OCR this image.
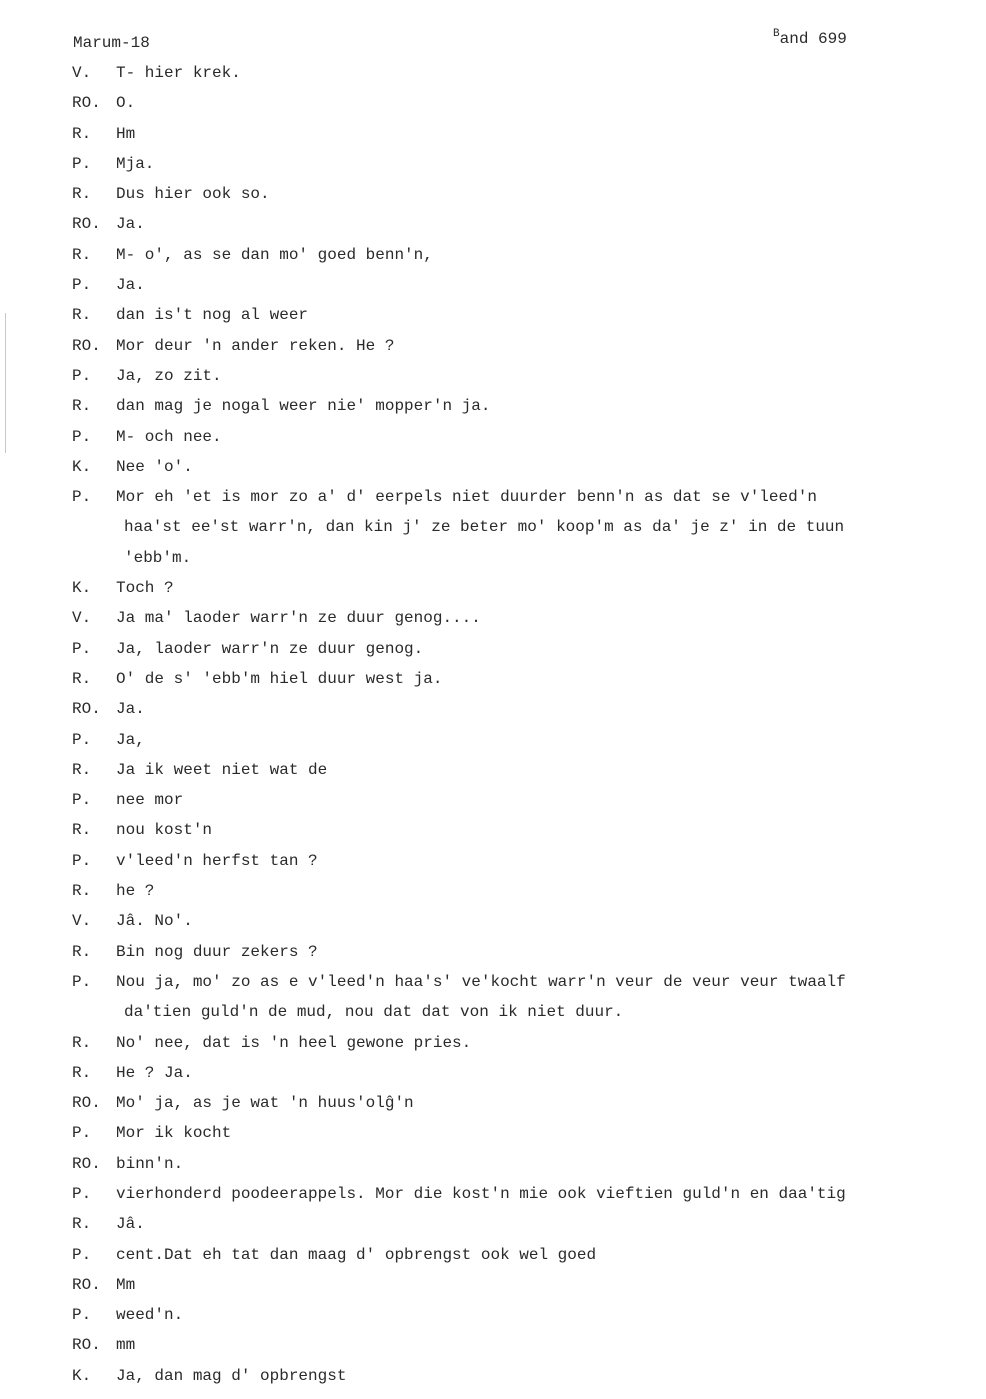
Marum-18	$^B$and 699
V.	T- hier krek.
RO. O.
R.	Hm
P.	Mja.
R.	Dus hier ook so.
RO. Ja.
R.	M- o', as se dan mo' goed benn'n,
P.	Ja.
R.	dan is't nog al weer
RO. Mor deur 'n ander reken. He ?
P.	Ja, zo zit.
R.	dan mag je nogal weer nie' mopper'n ja.
P.	M- och nee.
K.	Nee 'o'.
P.	Mor eh 'et is mor zo a' d' eerpels niet duurder benn'n as dat se v'leed'n
haa'st ee'st warr'n, dan kin j' ze beter mo' koop'm as da' je z' in de tuun
'ebb'm.
K.	Toch ?
V.	Ja ma' laoder warr'n ze duur genog....
P.	Ja, laoder warr'n ze duur genog.
R.	O' de s' 'ebb'm hiel duur west ja.
RO. Ja.
P.	Ja,
R.	Ja ik weet niet wat de
P.	nee mor
R.	nou kost'n
P.	v'leed'n herfst tan ?
R.	he ?
V.	Jâ. No'.
R.	Bin nog duur zekers ?
P.	Nou ja, mo' zo as e v'leed'n haa's' ve'kocht warr'n veur de veur veur twaalf
da'tien guld'n de mud, nou dat dat von ik niet duur.
R.	No' nee, dat is 'n heel gewone pries.
R.	He ? Ja.
RO. Mo' ja, as je wat 'n huus'olĝ'n
P.	Mor ik kocht
RO. binn'n.
P.	vierhonderd poodeerappels. Mor die kost'n mie ook vieftien guld'n en daa'tig
R.	Jâ.
P.	cent.Dat eh tat dan maag d' opbrengst ook wel goed
RO. Mm
P.	weed'n.
RO. mm
K.	Ja, dan mag d' opbrengst
